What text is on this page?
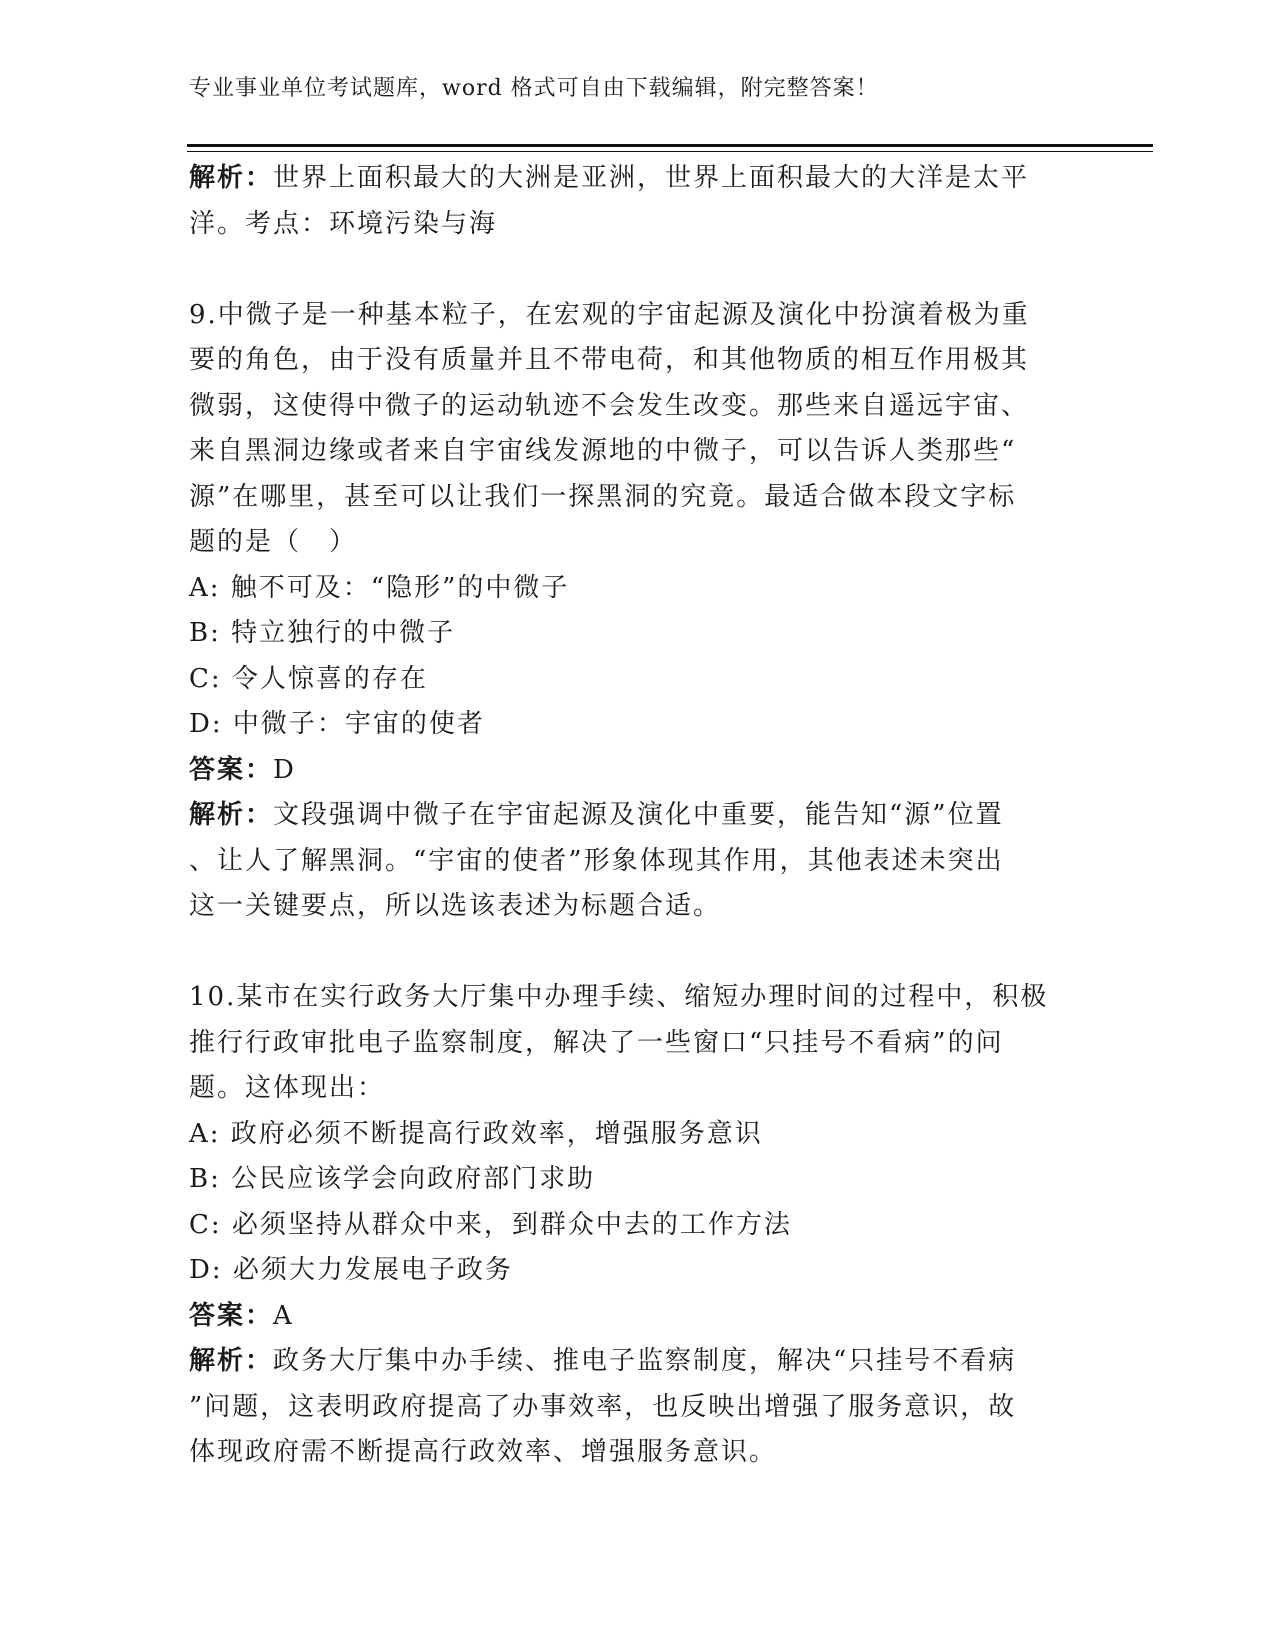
专业事业单位考试题库，word 格式可自由下载编辑，附完整答案！
解析：世界上面积最大的大洲是亚洲，世界上面积最大的大洋是太平
洋。考点：环境污染与海
9.中微子是一种基本粒子，在宏观的宇宙起源及演化中扮演着极为重
要的角色，由于没有质量并且不带电荷，和其他物质的相互作用极其
微弱，这使得中微子的运动轨迹不会发生改变。那些来自遥远宇宙、
来自黑洞边缘或者来自宇宙线发源地的中微子，可以告诉人类那些“
源”在哪里，甚至可以让我们一探黑洞的究竟。最适合做本段文字标
题的是（　）
A: 触不可及：“隐形”的中微子
B: 特立独行的中微子
C: 令人惊喜的存在
D: 中微子：宇宙的使者
答案：D
解析：文段强调中微子在宇宙起源及演化中重要，能告知“源”位置
、让人了解黑洞。“宇宙的使者”形象体现其作用，其他表述未突出
这一关键要点，所以选该表述为标题合适。
10.某市在实行政务大厅集中办理手续、缩短办理时间的过程中，积极
推行行政审批电子监察制度，解决了一些窗口“只挂号不看病”的问
题。这体现出：
A: 政府必须不断提高行政效率，增强服务意识
B: 公民应该学会向政府部门求助
C: 必须坚持从群众中来，到群众中去的工作方法
D: 必须大力发展电子政务
答案：A
解析：政务大厅集中办手续、推电子监察制度，解决“只挂号不看病
”问题，这表明政府提高了办事效率，也反映出增强了服务意识，故
体现政府需不断提高行政效率、增强服务意识。
